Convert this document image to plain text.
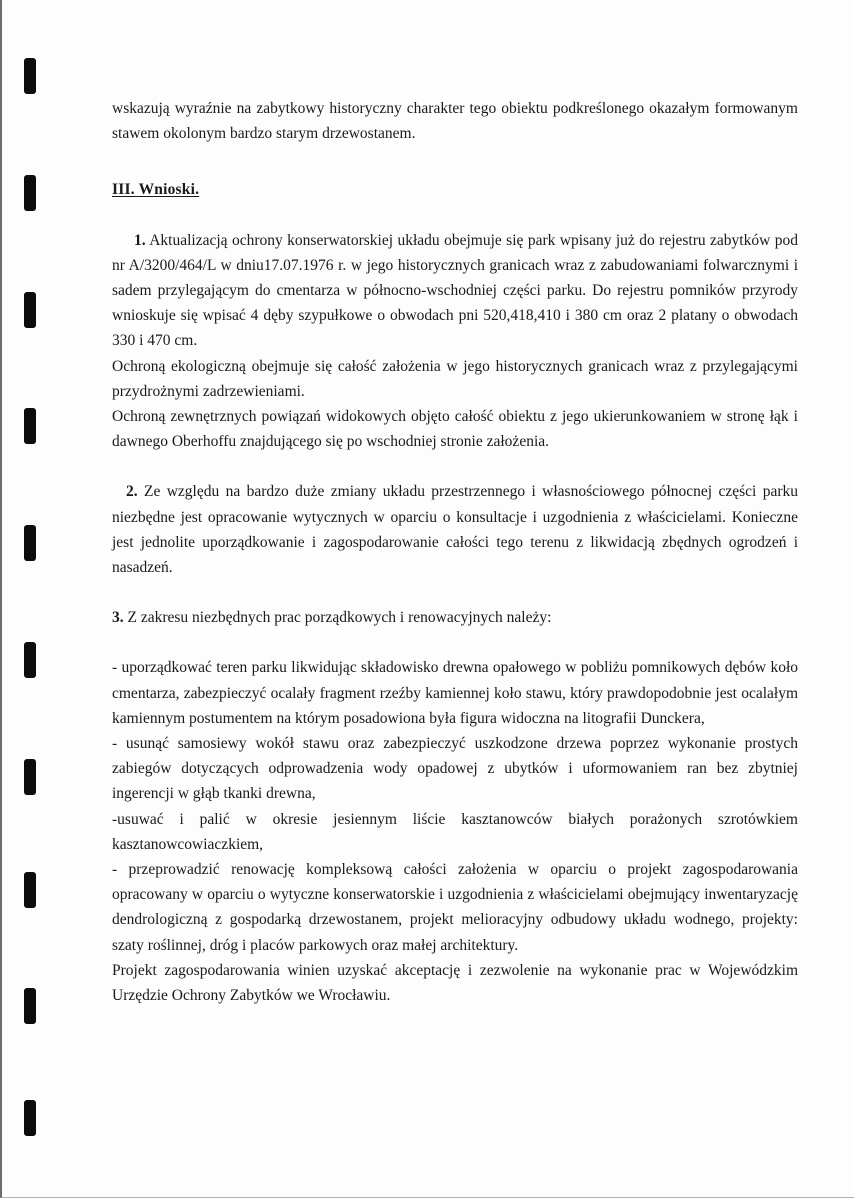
wskazują wyraźnie na zabytkowy historyczny charakter tego obiektu podkreślonego okazałym formowanym stawem okolonym bardzo starym drzewostanem.

III. Wnioski.

1. Aktualizacją ochrony konserwatorskiej układu obejmuje się park wpisany już do rejestru zabytków pod nr A/3200/464/L w dniu17.07.1976 r. w jego historycznych granicach wraz z zabudowaniami folwarcznymi i sadem przylegającym do cmentarza w północno-wschodniej części parku. Do rejestru pomników przyrody wnioskuje się wpisać 4 dęby szypułkowe o obwodach pni 520,418,410 i 380 cm oraz 2 platany o obwodach 330 i 470 cm.

Ochroną ekologiczną obejmuje się całość założenia w jego historycznych granicach wraz z przylegającymi przydrożnymi zadrzewieniami.

Ochroną zewnętrznych powiązań widokowych objęto całość obiektu z jego ukierunkowaniem w stronę łąk i dawnego Oberhoffu znajdującego się po wschodniej stronie założenia.

2. Ze względu na bardzo duże zmiany układu przestrzennego i własnościowego północnej części parku niezbędne jest opracowanie wytycznych w oparciu o konsultacje i uzgodnienia z właścicielami. Konieczne jest jednolite uporządkowanie i zagospodarowanie całości tego terenu z likwidacją zbędnych ogrodzeń i nasadzeń.

3. Z zakresu niezbędnych prac porządkowych i renowacyjnych należy:

- uporządkować teren parku likwidując składowisko drewna opałowego w pobliżu pomnikowych dębów koło cmentarza, zabezpieczyć ocalały fragment rzeźby kamiennej koło stawu, który prawdopodobnie jest ocalałym kamiennym postumentem na którym posadowiona była figura widoczna na litografii Dunckera,

- usunąć samosiewy wokół stawu oraz zabezpieczyć uszkodzone drzewa poprzez wykonanie prostych zabiegów dotyczących odprowadzenia wody opadowej z ubytków i uformowaniem ran bez zbytniej ingerencji w głąb tkanki drewna,

-usuwać i palić w okresie jesiennym liście kasztanowców białych porażonych szrotówkiem kasztanowcowiaczkiem,

- przeprowadzić renowację kompleksową całości założenia w oparciu o projekt zagospodarowania opracowany w oparciu o wytyczne konserwatorskie i uzgodnienia z właścicielami obejmujący inwentaryzację dendrologiczną z gospodarką drzewostanem, projekt melioracyjny odbudowy układu wodnego, projekty: szaty roślinnej, dróg i placów parkowych oraz małej architektury.

Projekt zagospodarowania winien uzyskać akceptację i zezwolenie na wykonanie prac w Wojewódzkim Urzędzie Ochrony Zabytków we Wrocławiu.
